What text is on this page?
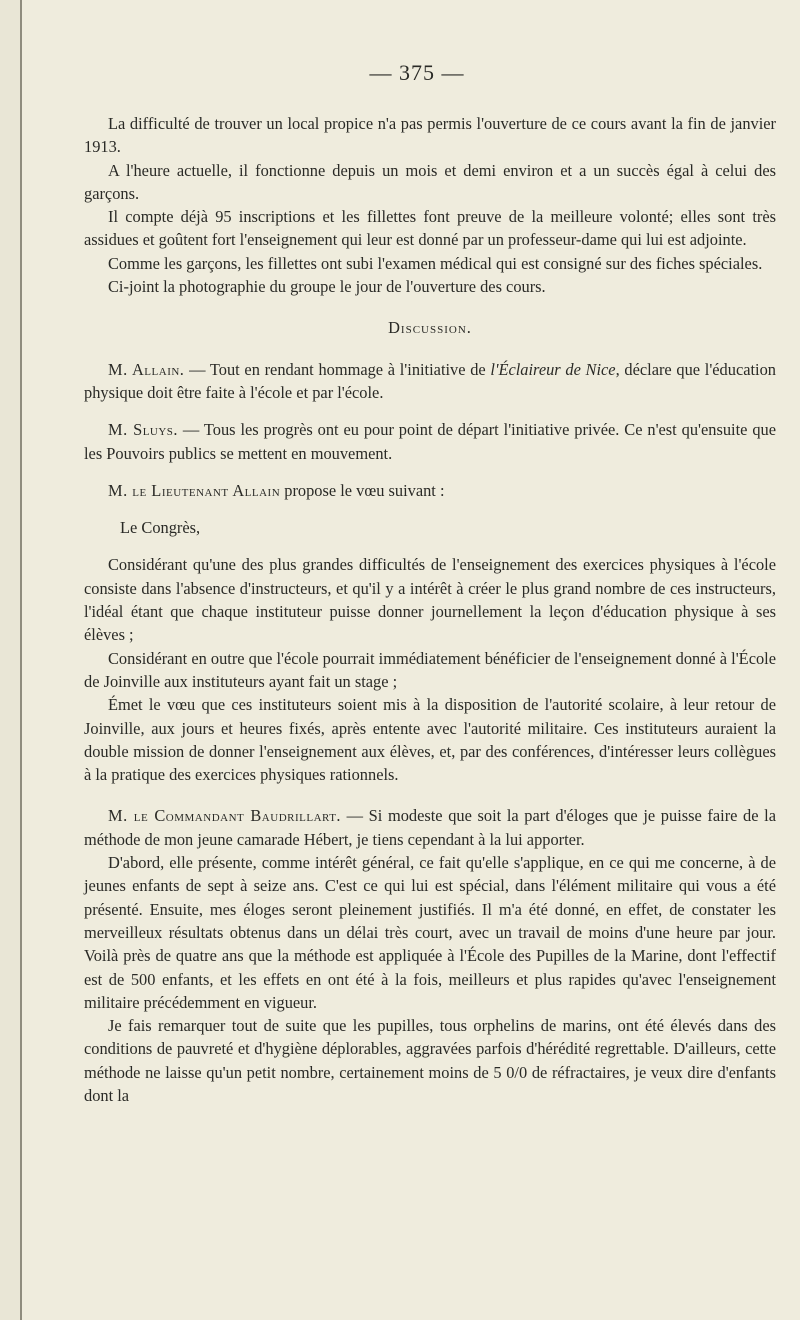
— 375 —

La difficulté de trouver un local propice n'a pas permis l'ouverture de ce cours avant la fin de janvier 1913.

A l'heure actuelle, il fonctionne depuis un mois et demi environ et a un succès égal à celui des garçons.

Il compte déjà 95 inscriptions et les fillettes font preuve de la meilleure volonté; elles sont très assidues et goûtent fort l'enseignement qui leur est donné par un professeur-dame qui lui est adjointe.

Comme les garçons, les fillettes ont subi l'examen médical qui est consigné sur des fiches spéciales.

Ci-joint la photographie du groupe le jour de l'ouverture des cours.

Discussion.

M. Allain. — Tout en rendant hommage à l'initiative de l'Éclaireur de Nice, déclare que l'éducation physique doit être faite à l'école et par l'école.

M. Sluys. — Tous les progrès ont eu pour point de départ l'initiative privée. Ce n'est qu'ensuite que les Pouvoirs publics se mettent en mouvement.

M. le Lieutenant Allain propose le vœu suivant :

Le Congrès,

Considérant qu'une des plus grandes difficultés de l'enseignement des exercices physiques à l'école consiste dans l'absence d'instructeurs, et qu'il y a intérêt à créer le plus grand nombre de ces instructeurs, l'idéal étant que chaque instituteur puisse donner journellement la leçon d'éducation physique à ses élèves ;

Considérant en outre que l'école pourrait immédiatement bénéficier de l'enseignement donné à l'École de Joinville aux instituteurs ayant fait un stage ;

Émet le vœu que ces instituteurs soient mis à la disposition de l'autorité scolaire, à leur retour de Joinville, aux jours et heures fixés, après entente avec l'autorité militaire. Ces instituteurs auraient la double mission de donner l'enseignement aux élèves, et, par des conférences, d'intéresser leurs collègues à la pratique des exercices physiques rationnels.

M. le Commandant Baudrillart. — Si modeste que soit la part d'éloges que je puisse faire de la méthode de mon jeune camarade Hébert, je tiens cependant à la lui apporter.

D'abord, elle présente, comme intérêt général, ce fait qu'elle s'applique, en ce qui me concerne, à de jeunes enfants de sept à seize ans. C'est ce qui lui est spécial, dans l'élément militaire qui vous a été présenté. Ensuite, mes éloges seront pleinement justifiés. Il m'a été donné, en effet, de constater les merveilleux résultats obtenus dans un délai très court, avec un travail de moins d'une heure par jour. Voilà près de quatre ans que la méthode est appliquée à l'École des Pupilles de la Marine, dont l'effectif est de 500 enfants, et les effets en ont été à la fois, meilleurs et plus rapides qu'avec l'enseignement militaire précédemment en vigueur.

Je fais remarquer tout de suite que les pupilles, tous orphelins de marins, ont été élevés dans des conditions de pauvreté et d'hygiène déplorables, aggravées parfois d'hérédité regrettable. D'ailleurs, cette méthode ne laisse qu'un petit nombre, certainement moins de 5 0/0 de réfractaires, je veux dire d'enfants dont la
